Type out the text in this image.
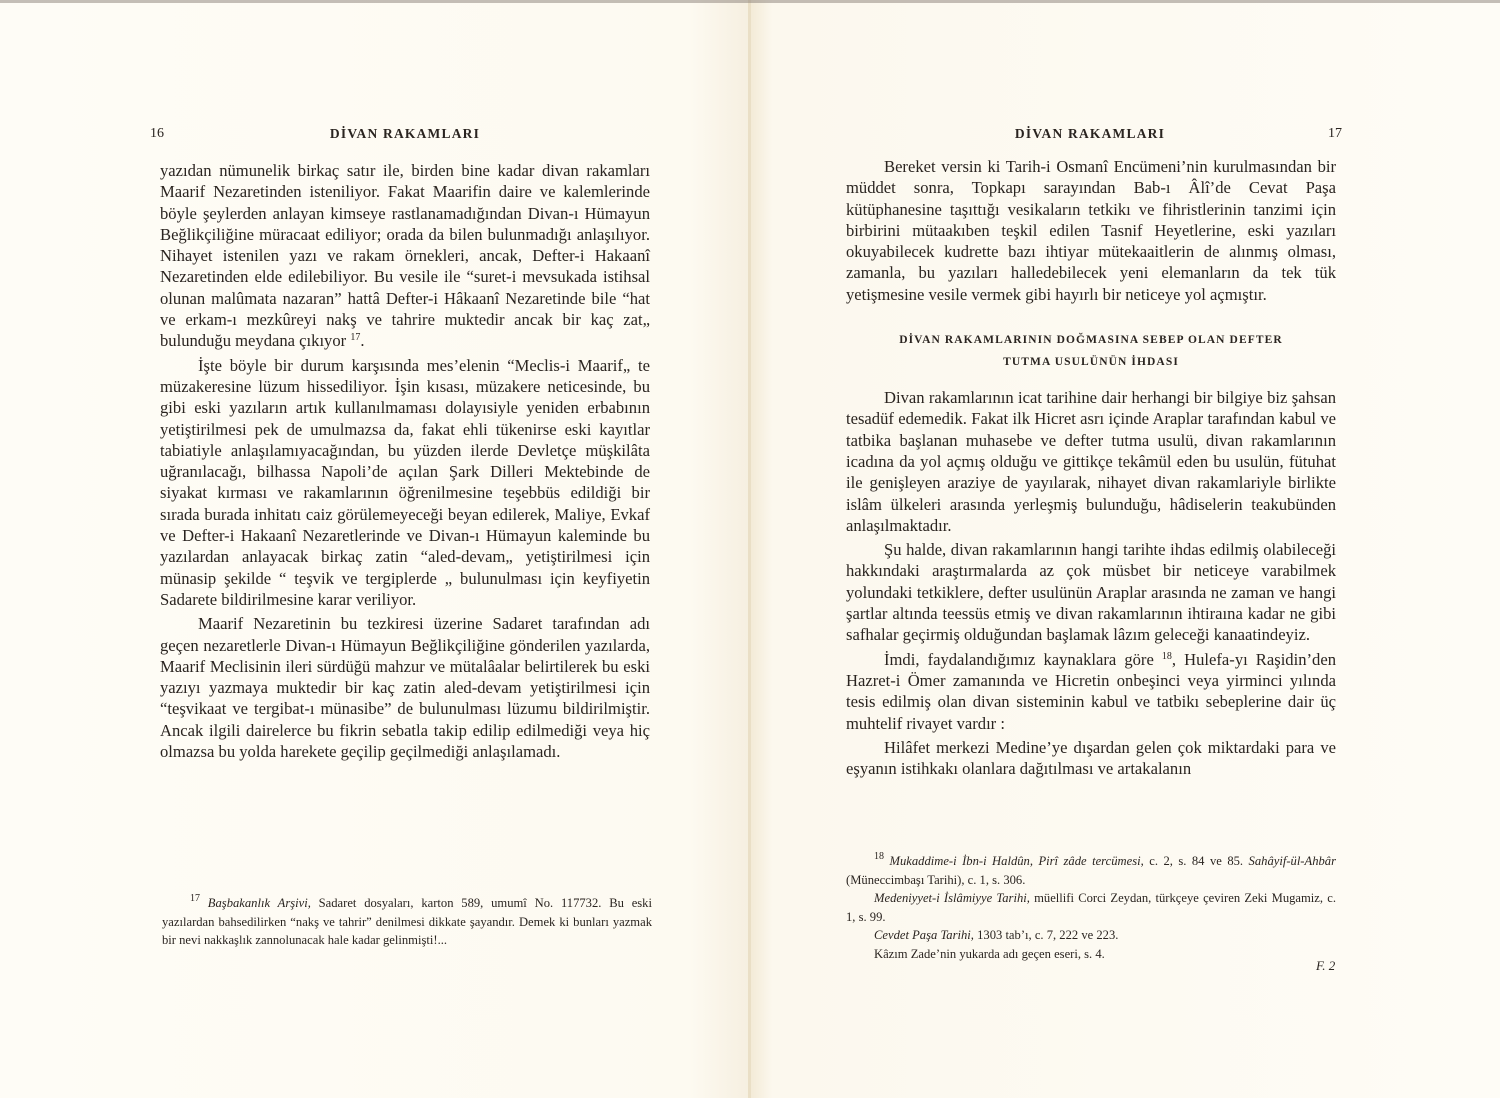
16	DİVAN RAKAMLARI

yazıdan nümunelik birkaç satır ile, birden bine kadar divan rakamları Maarif Nezaretinden isteniliyor. Fakat Maarifin daire ve kalemlerinde böyle şeylerden anlayan kimseye rastlanamadığından Divan-ı Hümayun Beğlikçiliğine müracaat ediliyor; orada da bilen bulunmadığı anlaşılıyor. Nihayet istenilen yazı ve rakam örnekleri, ancak, Defter-i Hakaanî Nezaretinden elde edilebiliyor. Bu vesile ile “suret-i mevsukada istihsal olunan malûmata nazaran” hattâ Defter-i Hâkaanî Nezaretinde bile “hat ve erkam-ı mezkûreyi nakş ve tahrire muktedir ancak bir kaç zat„ bulunduğu meydana çıkıyor $^{17}$.

İşte böyle bir durum karşısında mes’elenin “Meclis-i Maarif„ te müzakeresine lüzum hissediliyor. İşin kısası, müzakere neticesinde, bu gibi eski yazıların artık kullanılmaması dolayısiyle yeniden erbabının yetiştirilmesi pek de umulmazsa da, fakat ehli tükenirse eski kayıtlar tabiatiyle anlaşılamıyacağından, bu yüzden ilerde Devletçe müşkilâta uğranılacağı, bilhassa Napoli’de açılan Şark Dilleri Mektebinde de siyakat kırması ve rakamlarının öğrenilmesine teşebbüs edildiği bir sırada burada inhitatı caiz görülemeyeceği beyan edilerek, Maliye, Evkaf ve Defter-i Hakaanî Nezaretlerinde ve Divan-ı Hümayun kaleminde bu yazılardan anlayacak birkaç zatin “aled-devam„ yetiştirilmesi için münasip şekilde “ teşvik ve tergiplerde „ bulunulması için keyfiyetin Sadarete bildirilmesine karar veriliyor.

Maarif Nezaretinin bu tezkiresi üzerine Sadaret tarafından adı geçen nezaretlerle Divan-ı Hümayun Beğlikçiliğine gönderilen yazılarda, Maarif Meclisinin ileri sürdüğü mahzur ve mütalâalar belirtilerek bu eski yazıyı yazmaya muktedir bir kaç zatin aled-devam yetiştirilmesi için “teşvikaat ve tergibat-ı münasibe” de bulunulması lüzumu bildirilmiştir. Ancak ilgili dairelerce bu fikrin sebatla takip edilip edilmediği veya hiç olmazsa bu yolda harekete geçilip geçilmediği anlaşılamadı.

$^{17}$ Başbakanlık Arşivi, Sadaret dosyaları, karton 589, umumî No. 117732. Bu eski yazılardan bahsedilirken “nakş ve tahrir” denilmesi dikkate şayandır. Demek ki bunları yazmak bir nevi nakkaşlık zannolunacak hale kadar gelinmişti!...

DİVAN RAKAMLARI	17

Bereket versin ki Tarih-i Osmanî Encümeni’nin kurulmasından bir müddet sonra, Topkapı sarayından Bab-ı Âlî’de Cevat Paşa kütüphanesine taşıttığı vesikaların tetkikı ve fihristlerinin tanzimi için birbirini mütaakıben teşkil edilen Tasnif Heyetlerine, eski yazıları okuyabilecek kudrette bazı ihtiyar mütekaaitlerin de alınmış olması, zamanla, bu yazıları halledebilecek yeni elemanların da tek tük yetişmesine vesile vermek gibi hayırlı bir neticeye yol açmıştır.

DİVAN RAKAMLARININ DOĞMASINA SEBEP OLAN DEFTER
TUTMA USULÜNÜN İHDASI

Divan rakamlarının icat tarihine dair herhangi bir bilgiye biz şahsan tesadüf edemedik. Fakat ilk Hicret asrı içinde Araplar tarafından kabul ve tatbika başlanan muhasebe ve defter tutma usulü, divan rakamlarının icadına da yol açmış olduğu ve gittikçe tekâmül eden bu usulün, fütuhat ile genişleyen araziye de yayılarak, nihayet divan rakamlariyle birlikte islâm ülkeleri arasında yerleşmiş bulunduğu, hâdiselerin teakubünden anlaşılmaktadır.

Şu halde, divan rakamlarının hangi tarihte ihdas edilmiş olabileceği hakkındaki araştırmalarda az çok müsbet bir neticeye varabilmek yolundaki tetkiklere, defter usulünün Araplar arasında ne zaman ve hangi şartlar altında teessüs etmiş ve divan rakamlarının ihtiraına kadar ne gibi safhalar geçirmiş olduğundan başlamak lâzım geleceği kanaatindeyiz.

İmdi, faydalandığımız kaynaklara göre $^{18}$, Hulefa-yı Raşidin’den Hazret-i Ömer zamanında ve Hicretin onbeşinci veya yirminci yılında tesis edilmiş olan divan sisteminin kabul ve tatbikı sebeplerine dair üç muhtelif rivayet vardır :

Hilâfet merkezi Medine’ye dışardan gelen çok miktardaki para ve eşyanın istihkakı olanlara dağıtılması ve artakalanın

$^{18}$ Mukaddime-i İbn-i Haldûn, Pirî zâde tercümesi, c. 2, s. 84 ve 85. Sahâyif-ül-Ahbâr (Müneccimbaşı Tarihi), c. 1, s. 306.

Medeniyyet-i İslâmiyye Tarihi, müellifi Corci Zeydan, türkçeye çeviren Zeki Mugamiz, c. 1, s. 99.

Cevdet Paşa Tarihi, 1303 tab’ı, c. 7, 222 ve 223.

Kâzım Zade’nin yukarda adı geçen eseri, s. 4.

F. 2
